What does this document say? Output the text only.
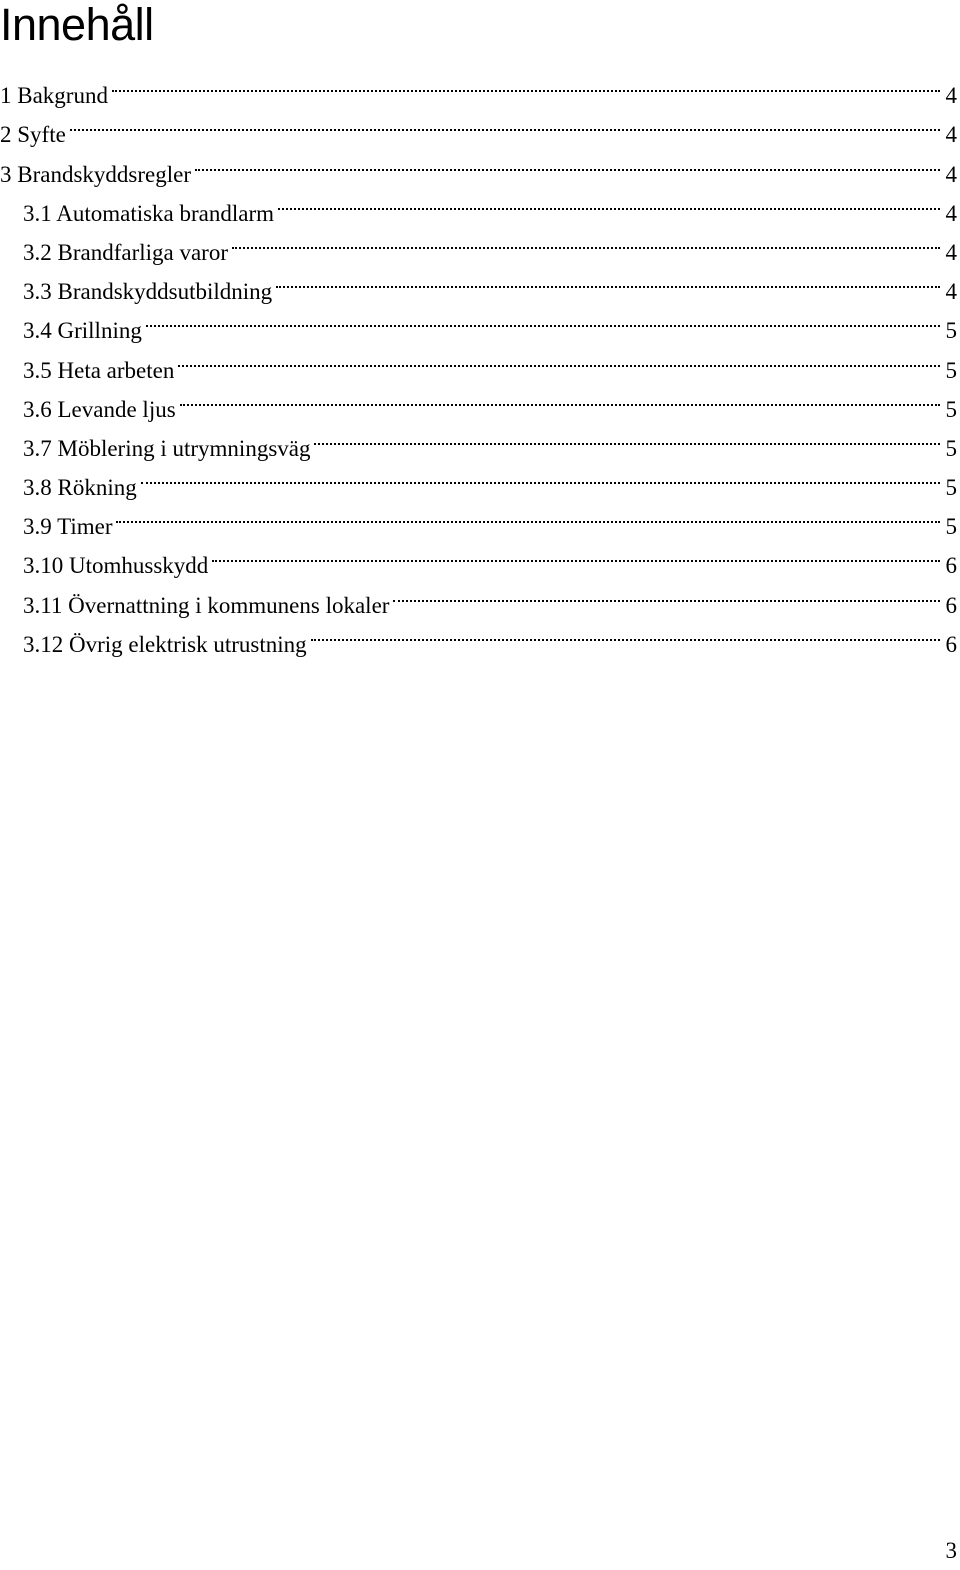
Innehåll
1 Bakgrund	4
2 Syfte	4
3 Brandskyddsregler	4
3.1 Automatiska brandlarm	4
3.2 Brandfarliga varor	4
3.3 Brandskyddsutbildning	4
3.4 Grillning	5
3.5 Heta arbeten	5
3.6 Levande ljus	5
3.7 Möblering i utrymningsväg	5
3.8 Rökning	5
3.9 Timer	5
3.10 Utomhusskydd	6
3.11 Övernattning i kommunens lokaler	6
3.12 Övrig elektrisk utrustning	6
3
